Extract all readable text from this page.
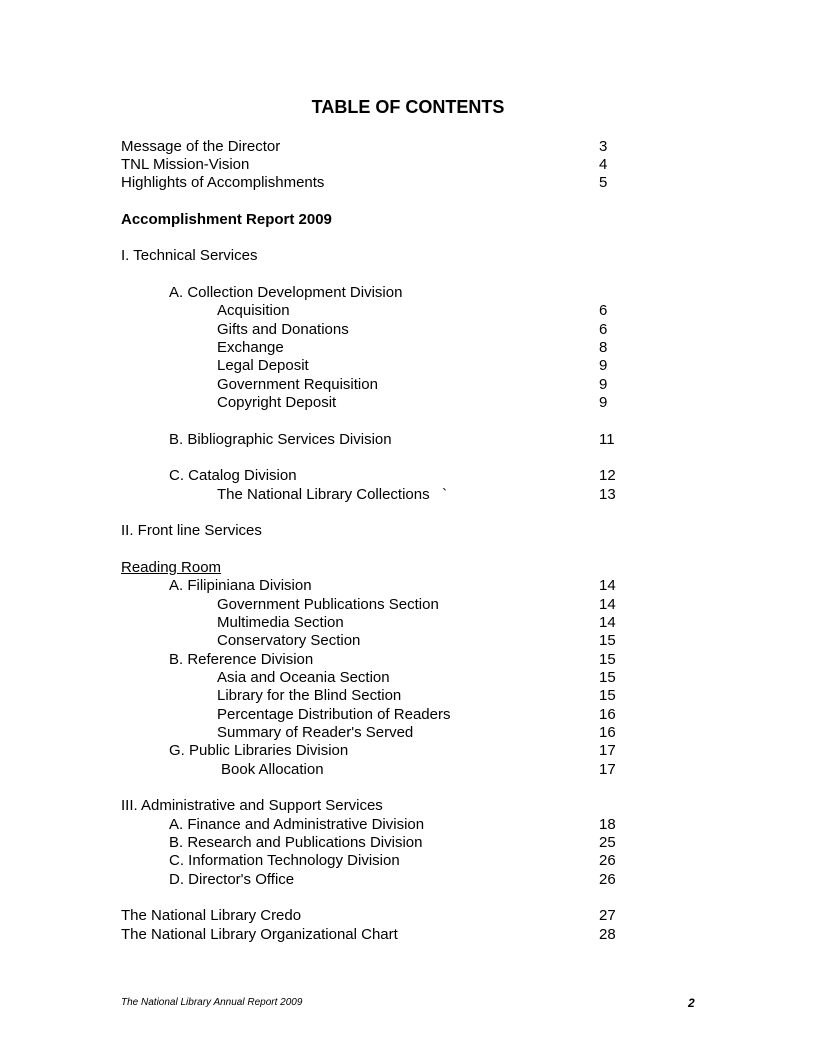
TABLE OF CONTENTS
Message of the Director	3
TNL Mission-Vision	4
Highlights of Accomplishments	5
Accomplishment Report 2009
I. Technical Services
A. Collection Development Division
Acquisition	6
Gifts and Donations	6
Exchange	8
Legal Deposit	9
Government Requisition	9
Copyright Deposit	9
B. Bibliographic Services Division	11
C. Catalog Division	12
The National Library Collections   `	13
II. Front line Services
Reading Room
A. Filipiniana Division	14
Government Publications Section	14
Multimedia Section	14
Conservatory Section	15
B. Reference Division	15
Asia and Oceania Section	15
Library for the Blind Section	15
Percentage Distribution of Readers	16
Summary of Reader's Served	16
G. Public Libraries Division	17
Book Allocation	17
III. Administrative and Support Services
A. Finance and Administrative Division	18
B. Research and Publications Division	25
C. Information Technology Division	26
D. Director's Office	26
The National Library Credo	27
The National Library Organizational Chart	28
The National Library Annual Report 2009	2
